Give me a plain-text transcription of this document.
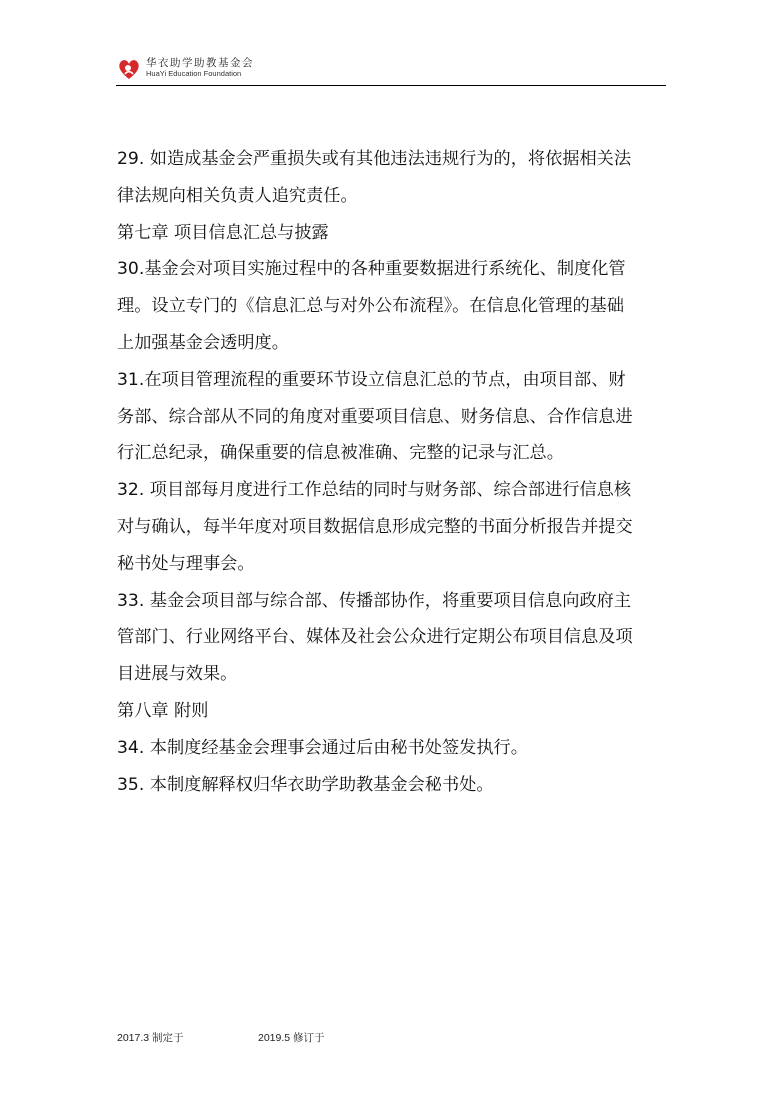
华衣助学助教基金会
HuaYi Education Foundation
29. 如造成基金会严重损失或有其他违法违规行为的，将依据相关法
律法规向相关负责人追究责任。
第七章 项目信息汇总与披露
30.基金会对项目实施过程中的各种重要数据进行系统化、制度化管
理。设立专门的《信息汇总与对外公布流程》。在信息化管理的基础
上加强基金会透明度。
31.在项目管理流程的重要环节设立信息汇总的节点，由项目部、财
务部、综合部从不同的角度对重要项目信息、财务信息、合作信息进
行汇总纪录，确保重要的信息被准确、完整的记录与汇总。
32. 项目部每月度进行工作总结的同时与财务部、综合部进行信息核
对与确认，每半年度对项目数据信息形成完整的书面分析报告并提交
秘书处与理事会。
33. 基金会项目部与综合部、传播部协作，将重要项目信息向政府主
管部门、行业网络平台、媒体及社会公众进行定期公布项目信息及项
目进展与效果。
第八章 附则
34. 本制度经基金会理事会通过后由秘书处签发执行。
35. 本制度解释权归华衣助学助教基金会秘书处。
2017.3 制定于	2019.5 修订于
